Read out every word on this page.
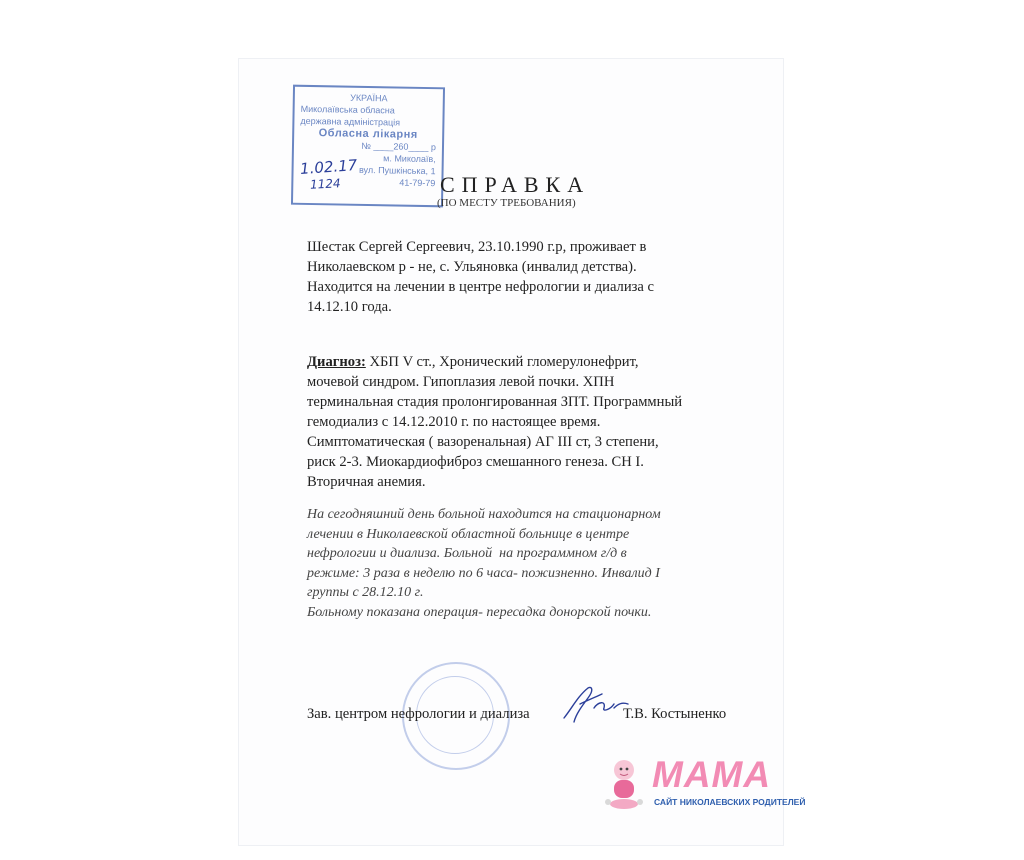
УКРАЇНА
Миколаївська обласна
державна адміністрація
Обласна лікарня
№ ____260____ р
м. Миколаїв,
вул. Пушкінська, 1
41-79-79
1.02.17
1124	СПРАВКА
(ПО МЕСТУ ТРЕБОВАНИЯ)
Шестак Сергей Сергеевич, 23.10.1990 г.р, проживает в
Николаевском р - не, с. Ульяновка (инвалид детства).
Находится на лечении в центре нефрологии и диализа с
14.12.10 года.
Диагноз: ХБП V ст., Хронический гломерулонефрит,
мочевой синдром. Гипоплазия левой почки. ХПН
терминальная стадия пролонгированная ЗПТ. Программный
гемодиализ с 14.12.2010 г. по настоящее время.
Симптоматическая ( вазоренальная) АГ III ст, 3 степени,
риск 2-3. Миокардиофиброз смешанного генеза. СН I.
Вторичная анемия.
На сегодняшний день больной находится на стационарном
лечении в Николаевской областной больнице в центре
нефрологии и диализа. Больной  на программном г/д в
режиме: 3 раза в неделю по 6 часа- пожизненно. Инвалид I
группы с 28.12.10 г.
Больному показана операция- пересадка донорской почки.
Зав. центром нефрологии и диализа	Т.В. Костыненко
МАМА
САЙТ НИКОЛАЕВСКИХ РОДИТЕЛЕЙ
